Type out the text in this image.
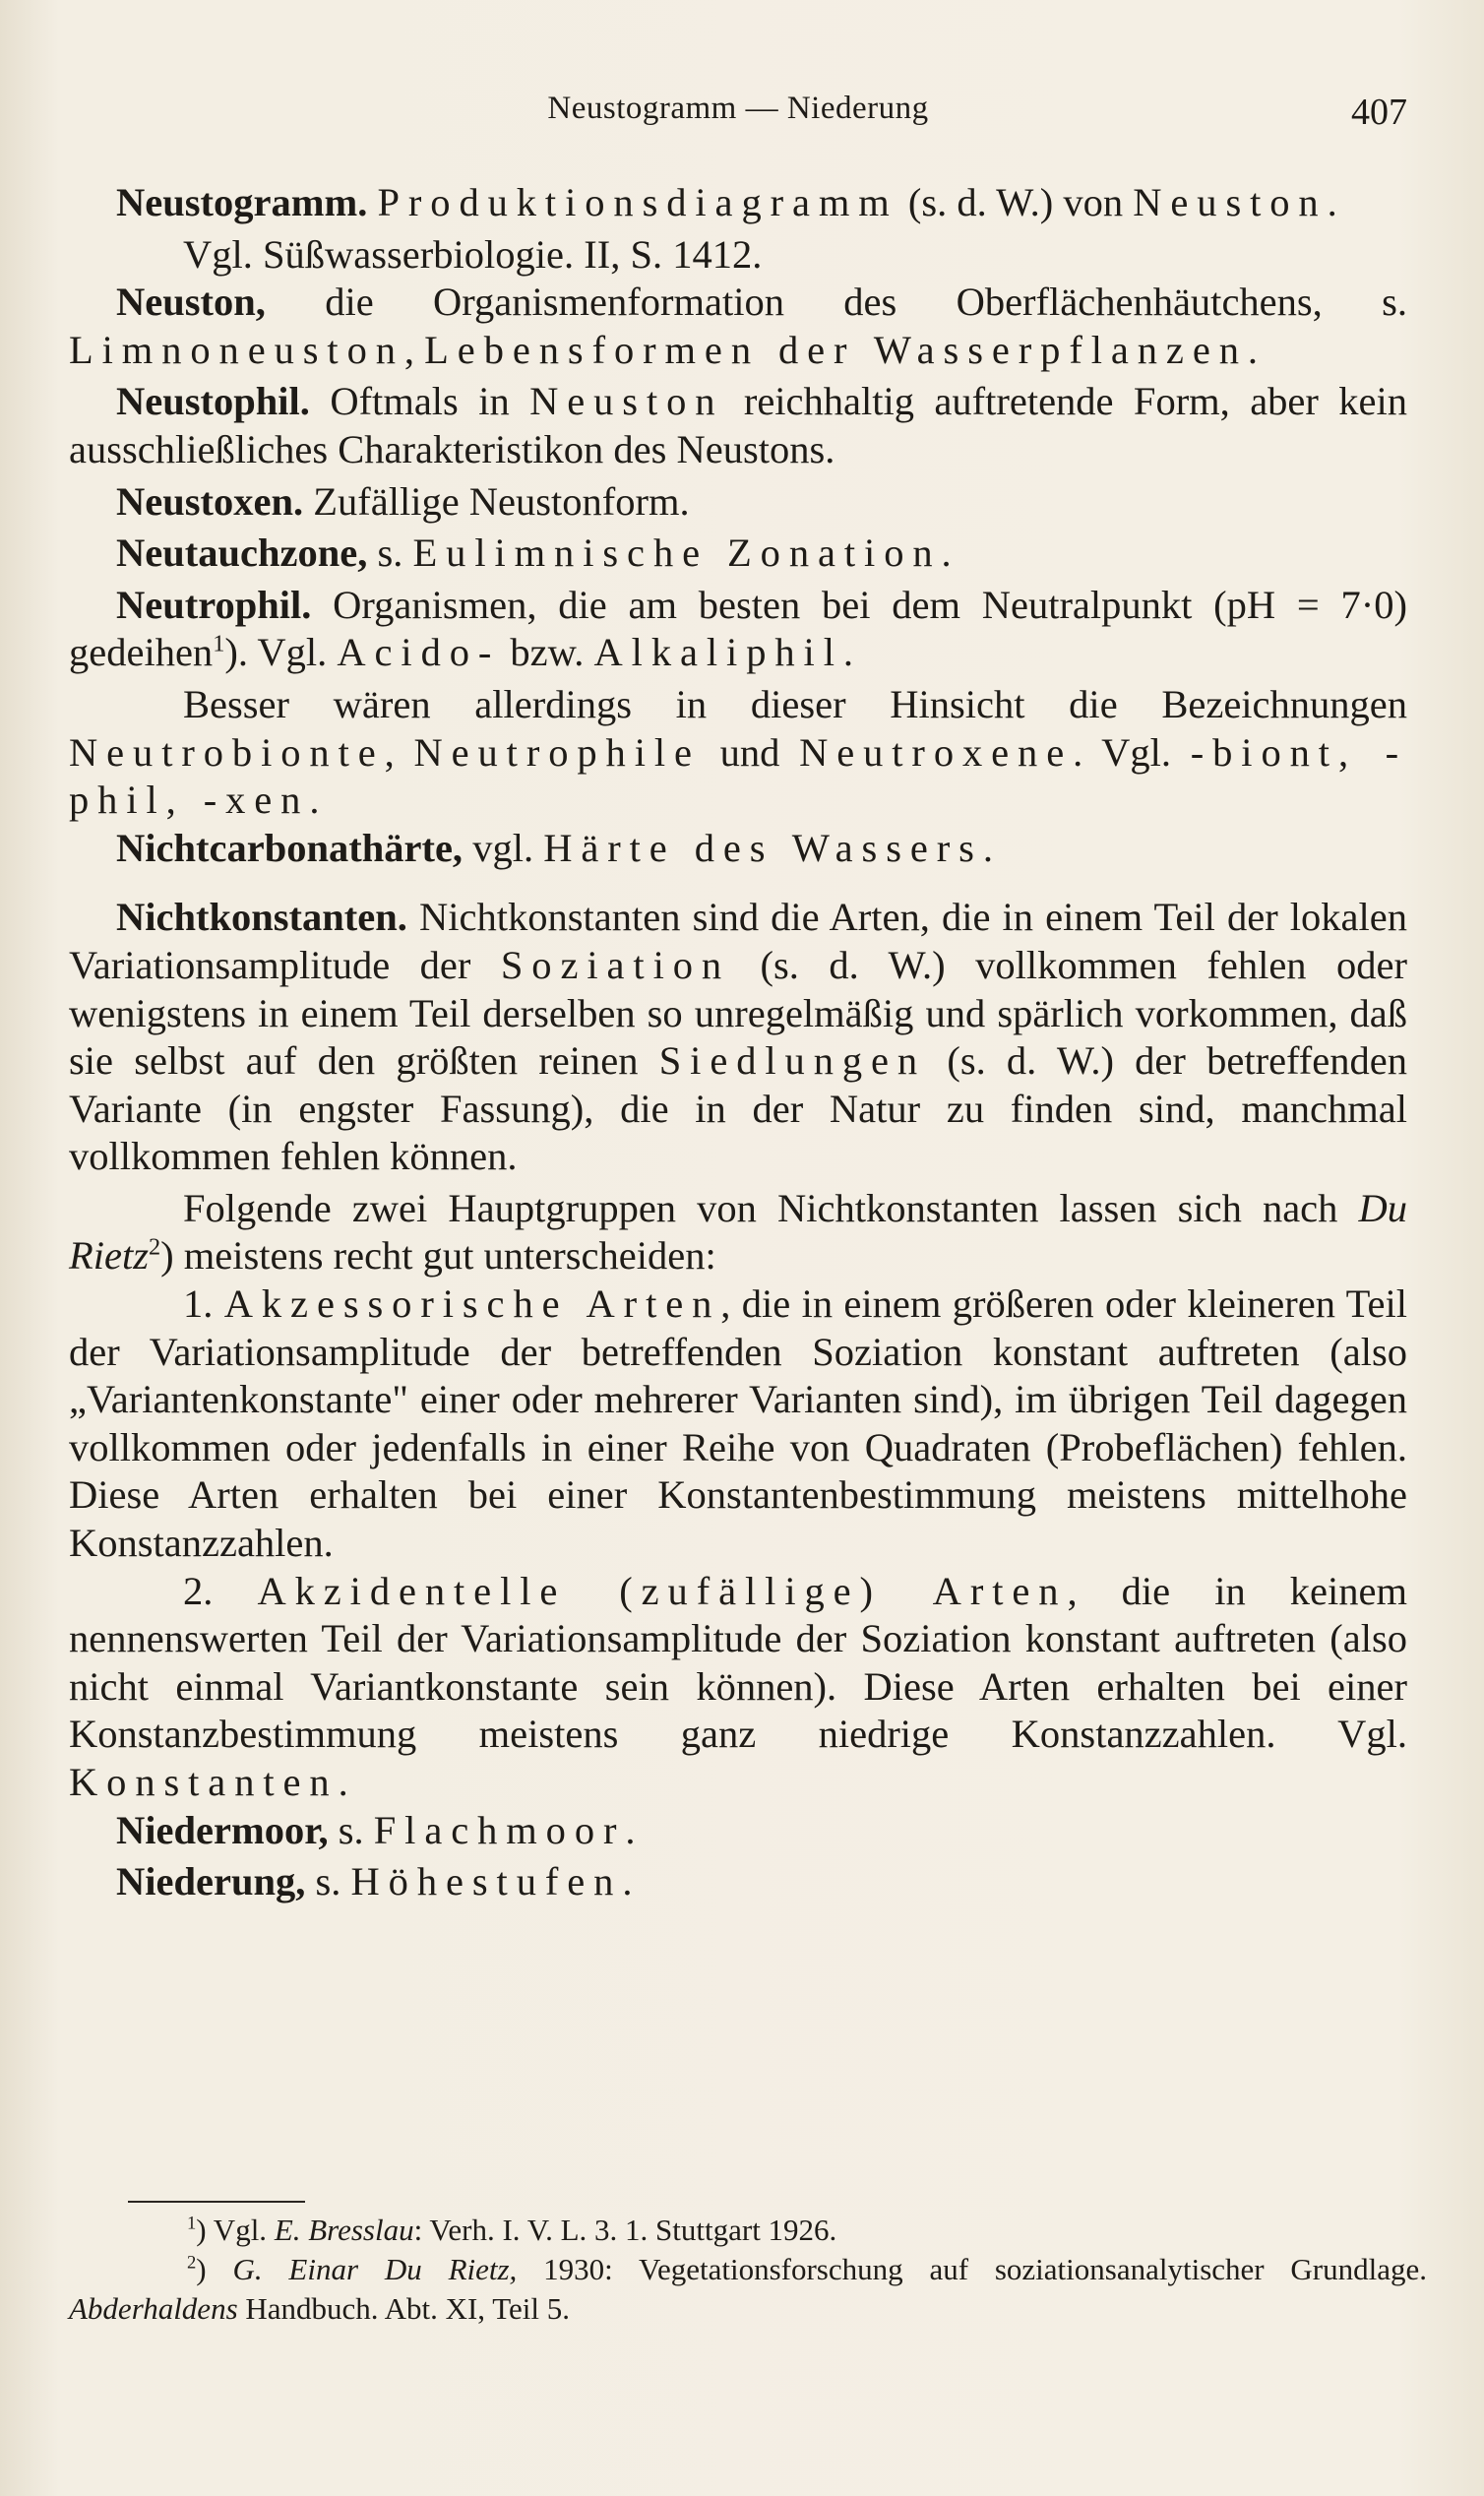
Neustogramm — Niederung	407

Neustogramm. Produktionsdiagramm (s. d. W.) von Neuston.

Vgl. Süßwasserbiologie. II, S. 1412.

Neuston, die Organismenformation des Oberflächenhäutchens, s. Limnoneuston, Lebensformen der Wasserpflanzen.

Neustophil. Oftmals in Neuston reichhaltig auftretende Form, aber kein ausschließliches Charakteristikon des Neustons.

Neustoxen. Zufällige Neustonform.

Neutauchzone, s. Eulimnische Zonation.

Neutrophil. Organismen, die am besten bei dem Neutralpunkt (pH = 7·0) gedeihen$^1$). Vgl. Acido- bzw. Alkaliphil.

Besser wären allerdings in dieser Hinsicht die Bezeichnungen Neutrobionte, Neutrophile und Neutroxene. Vgl. -biont, -phil, -xen.

Nichtcarbonathärte, vgl. Härte des Wassers.

Nichtkonstanten. Nichtkonstanten sind die Arten, die in einem Teil der lokalen Variationsamplitude der Soziation (s. d. W.) vollkommen fehlen oder wenigstens in einem Teil derselben so unregelmäßig und spärlich vorkommen, daß sie selbst auf den größten reinen Siedlungen (s. d. W.) der betreffenden Variante (in engster Fassung), die in der Natur zu finden sind, manchmal vollkommen fehlen können.

Folgende zwei Hauptgruppen von Nichtkonstanten lassen sich nach Du Rietz$^2$) meistens recht gut unterscheiden:

1. Akzessorische Arten, die in einem größeren oder kleineren Teil der Variationsamplitude der betreffenden Soziation konstant auftreten (also „Variantenkonstante" einer oder mehrerer Varianten sind), im übrigen Teil dagegen vollkommen oder jedenfalls in einer Reihe von Quadraten (Probeflächen) fehlen. Diese Arten erhalten bei einer Konstantenbestimmung meistens mittelhohe Konstanzzahlen.

2. Akzidentelle (zufällige) Arten, die in keinem nennenswerten Teil der Variationsamplitude der Soziation konstant auftreten (also nicht einmal Variantkonstante sein können). Diese Arten erhalten bei einer Konstanzbestimmung meistens ganz niedrige Konstanzzahlen. Vgl. Konstanten.

Niedermoor, s. Flachmoor.

Niederung, s. Höhestufen.

$^1$) Vgl. E. Bresslau: Verh. I. V. L. 3. 1. Stuttgart 1926.

$^2$) G. Einar Du Rietz, 1930: Vegetationsforschung auf soziationsanalytischer Grundlage. Abderhaldens Handbuch. Abt. XI, Teil 5.
